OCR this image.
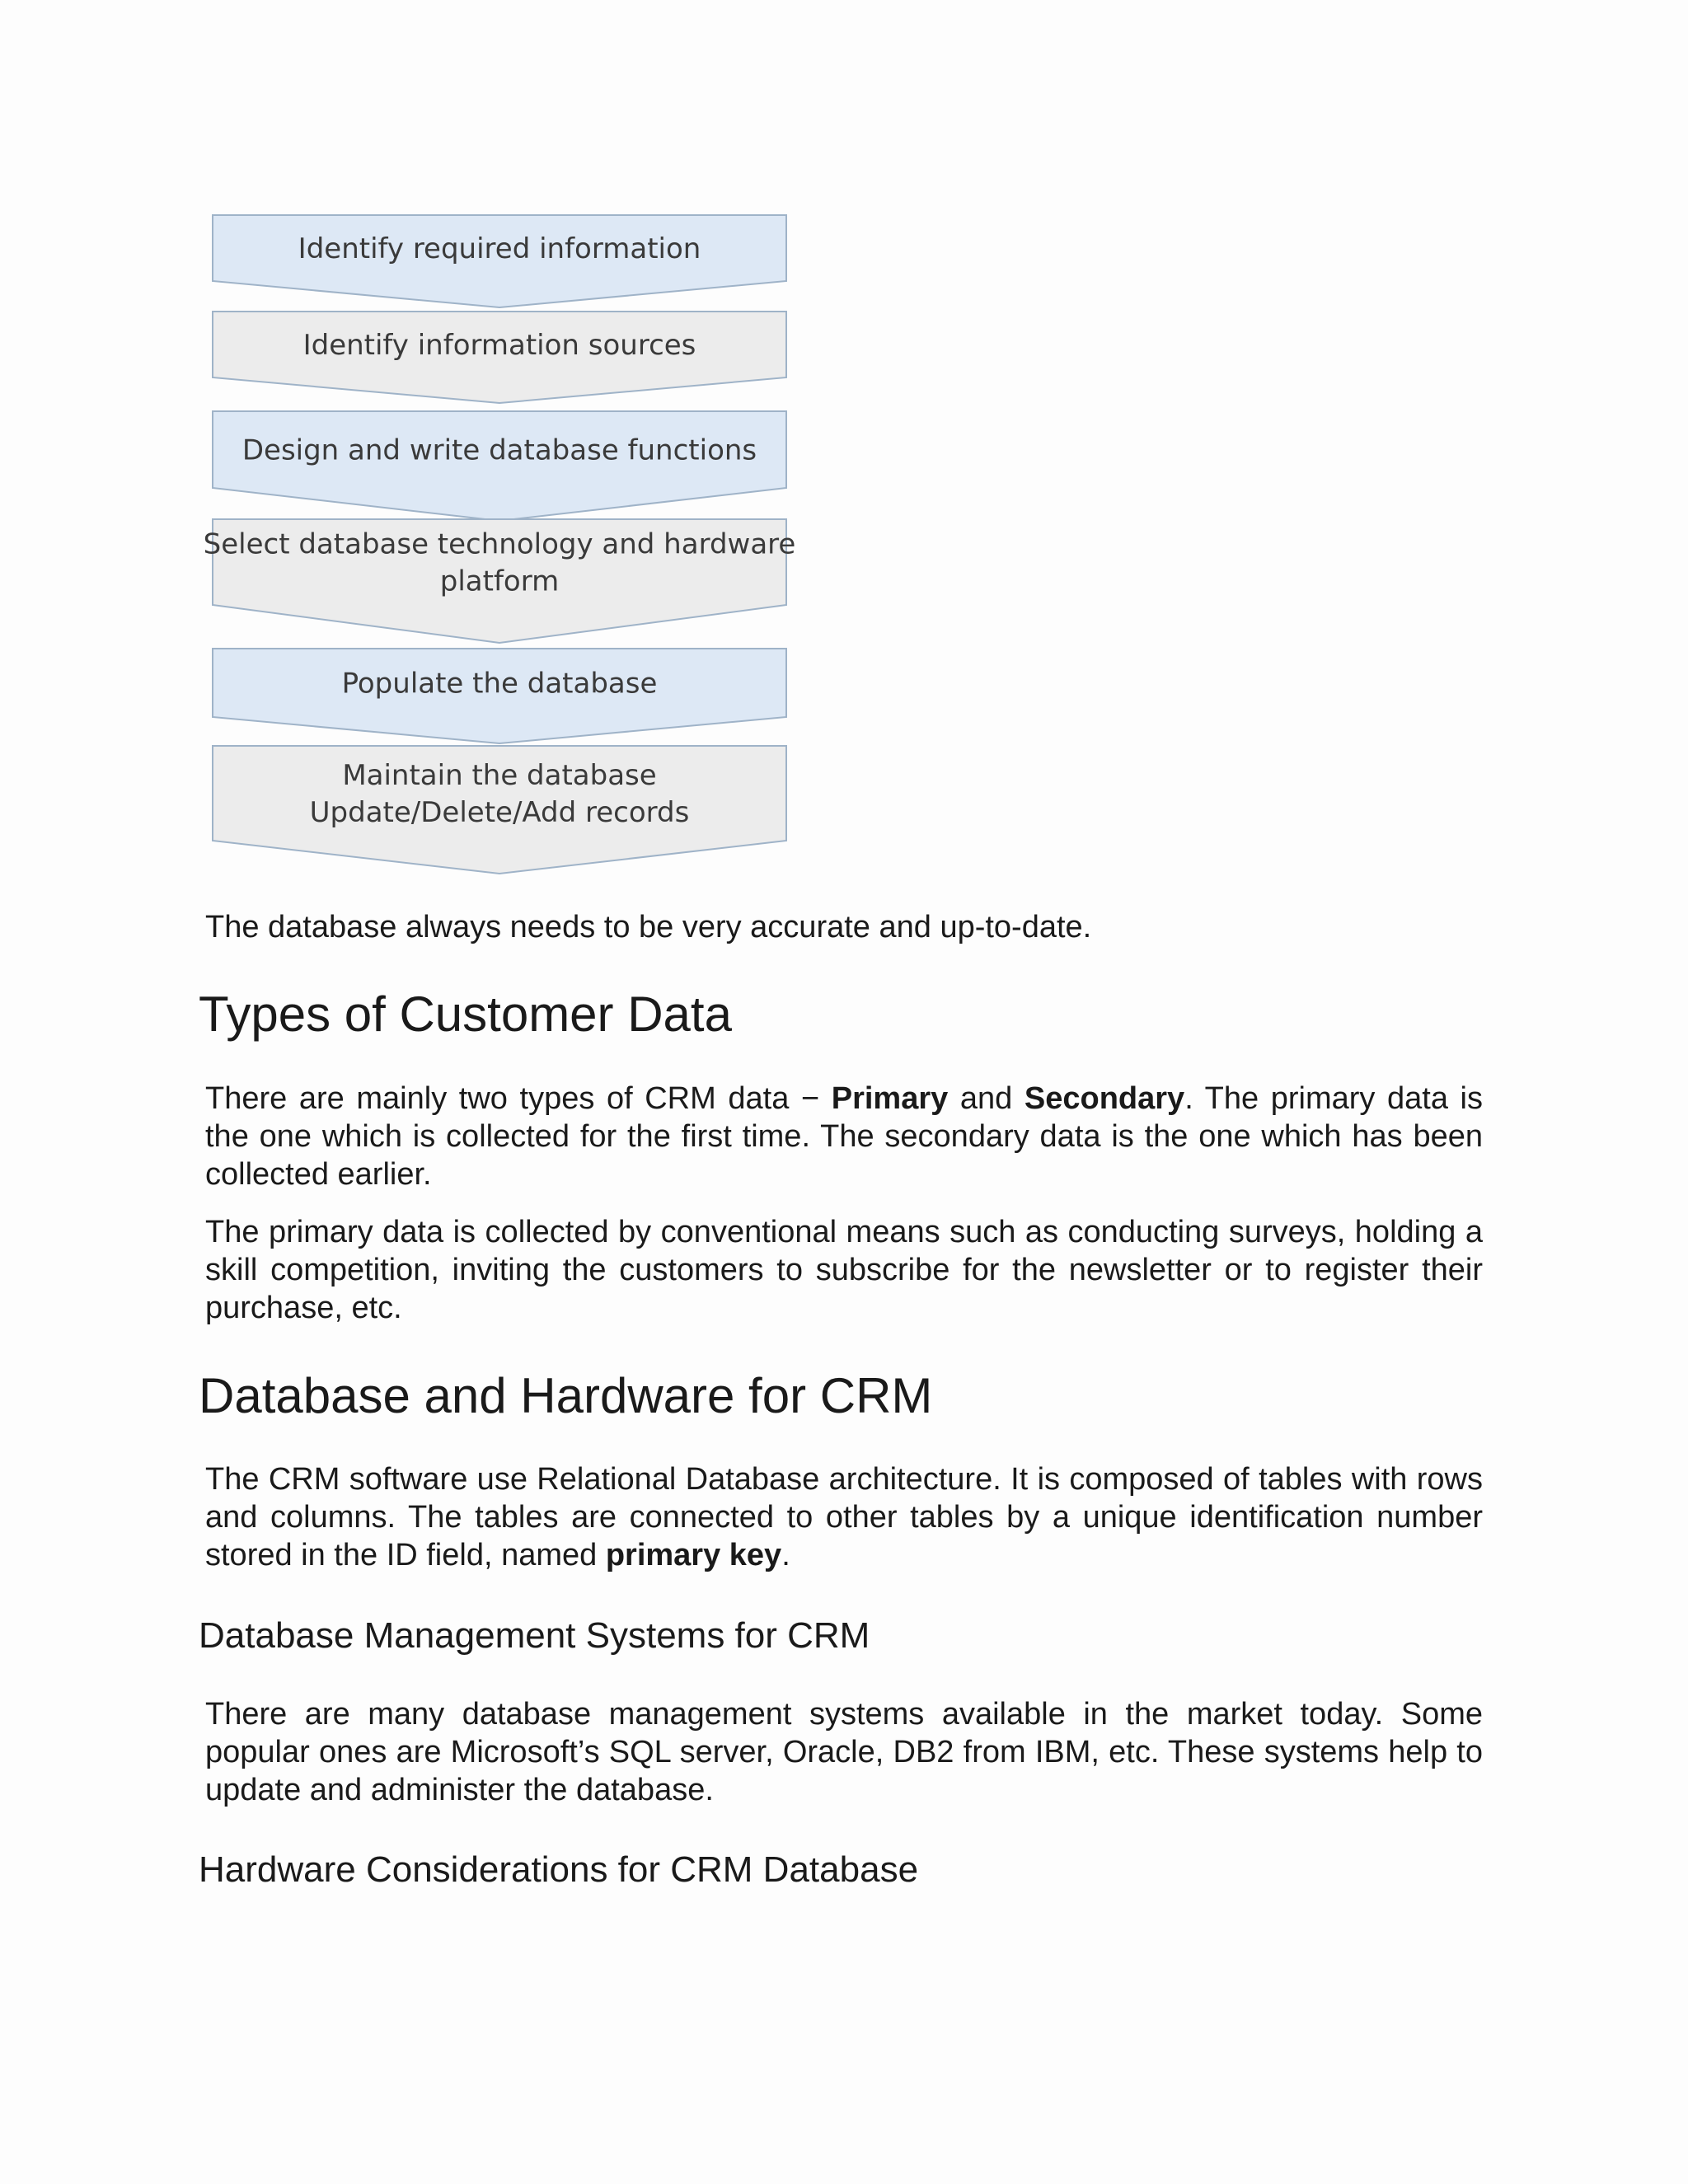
Identify required information
Identify information sources
Design and write database functions
Select database technology and hardware
platform
Populate the database
Maintain the database
Update/Delete/Add records

The database always needs to be very accurate and up-to-date.

Types of Customer Data

There are mainly two types of CRM data − Primary and Secondary. The primary data is the one which is collected for the first time. The secondary data is the one which has been collected earlier.

The primary data is collected by conventional means such as conducting surveys, holding a skill competition, inviting the customers to subscribe for the newsletter or to register their purchase, etc.

Database and Hardware for CRM

The CRM software use Relational Database architecture. It is composed of tables with rows and columns. The tables are connected to other tables by a unique identification number stored in the ID field, named primary key.

Database Management Systems for CRM

There are many database management systems available in the market today. Some popular ones are Microsoft’s SQL server, Oracle, DB2 from IBM, etc. These systems help to update and administer the database.

Hardware Considerations for CRM Database
